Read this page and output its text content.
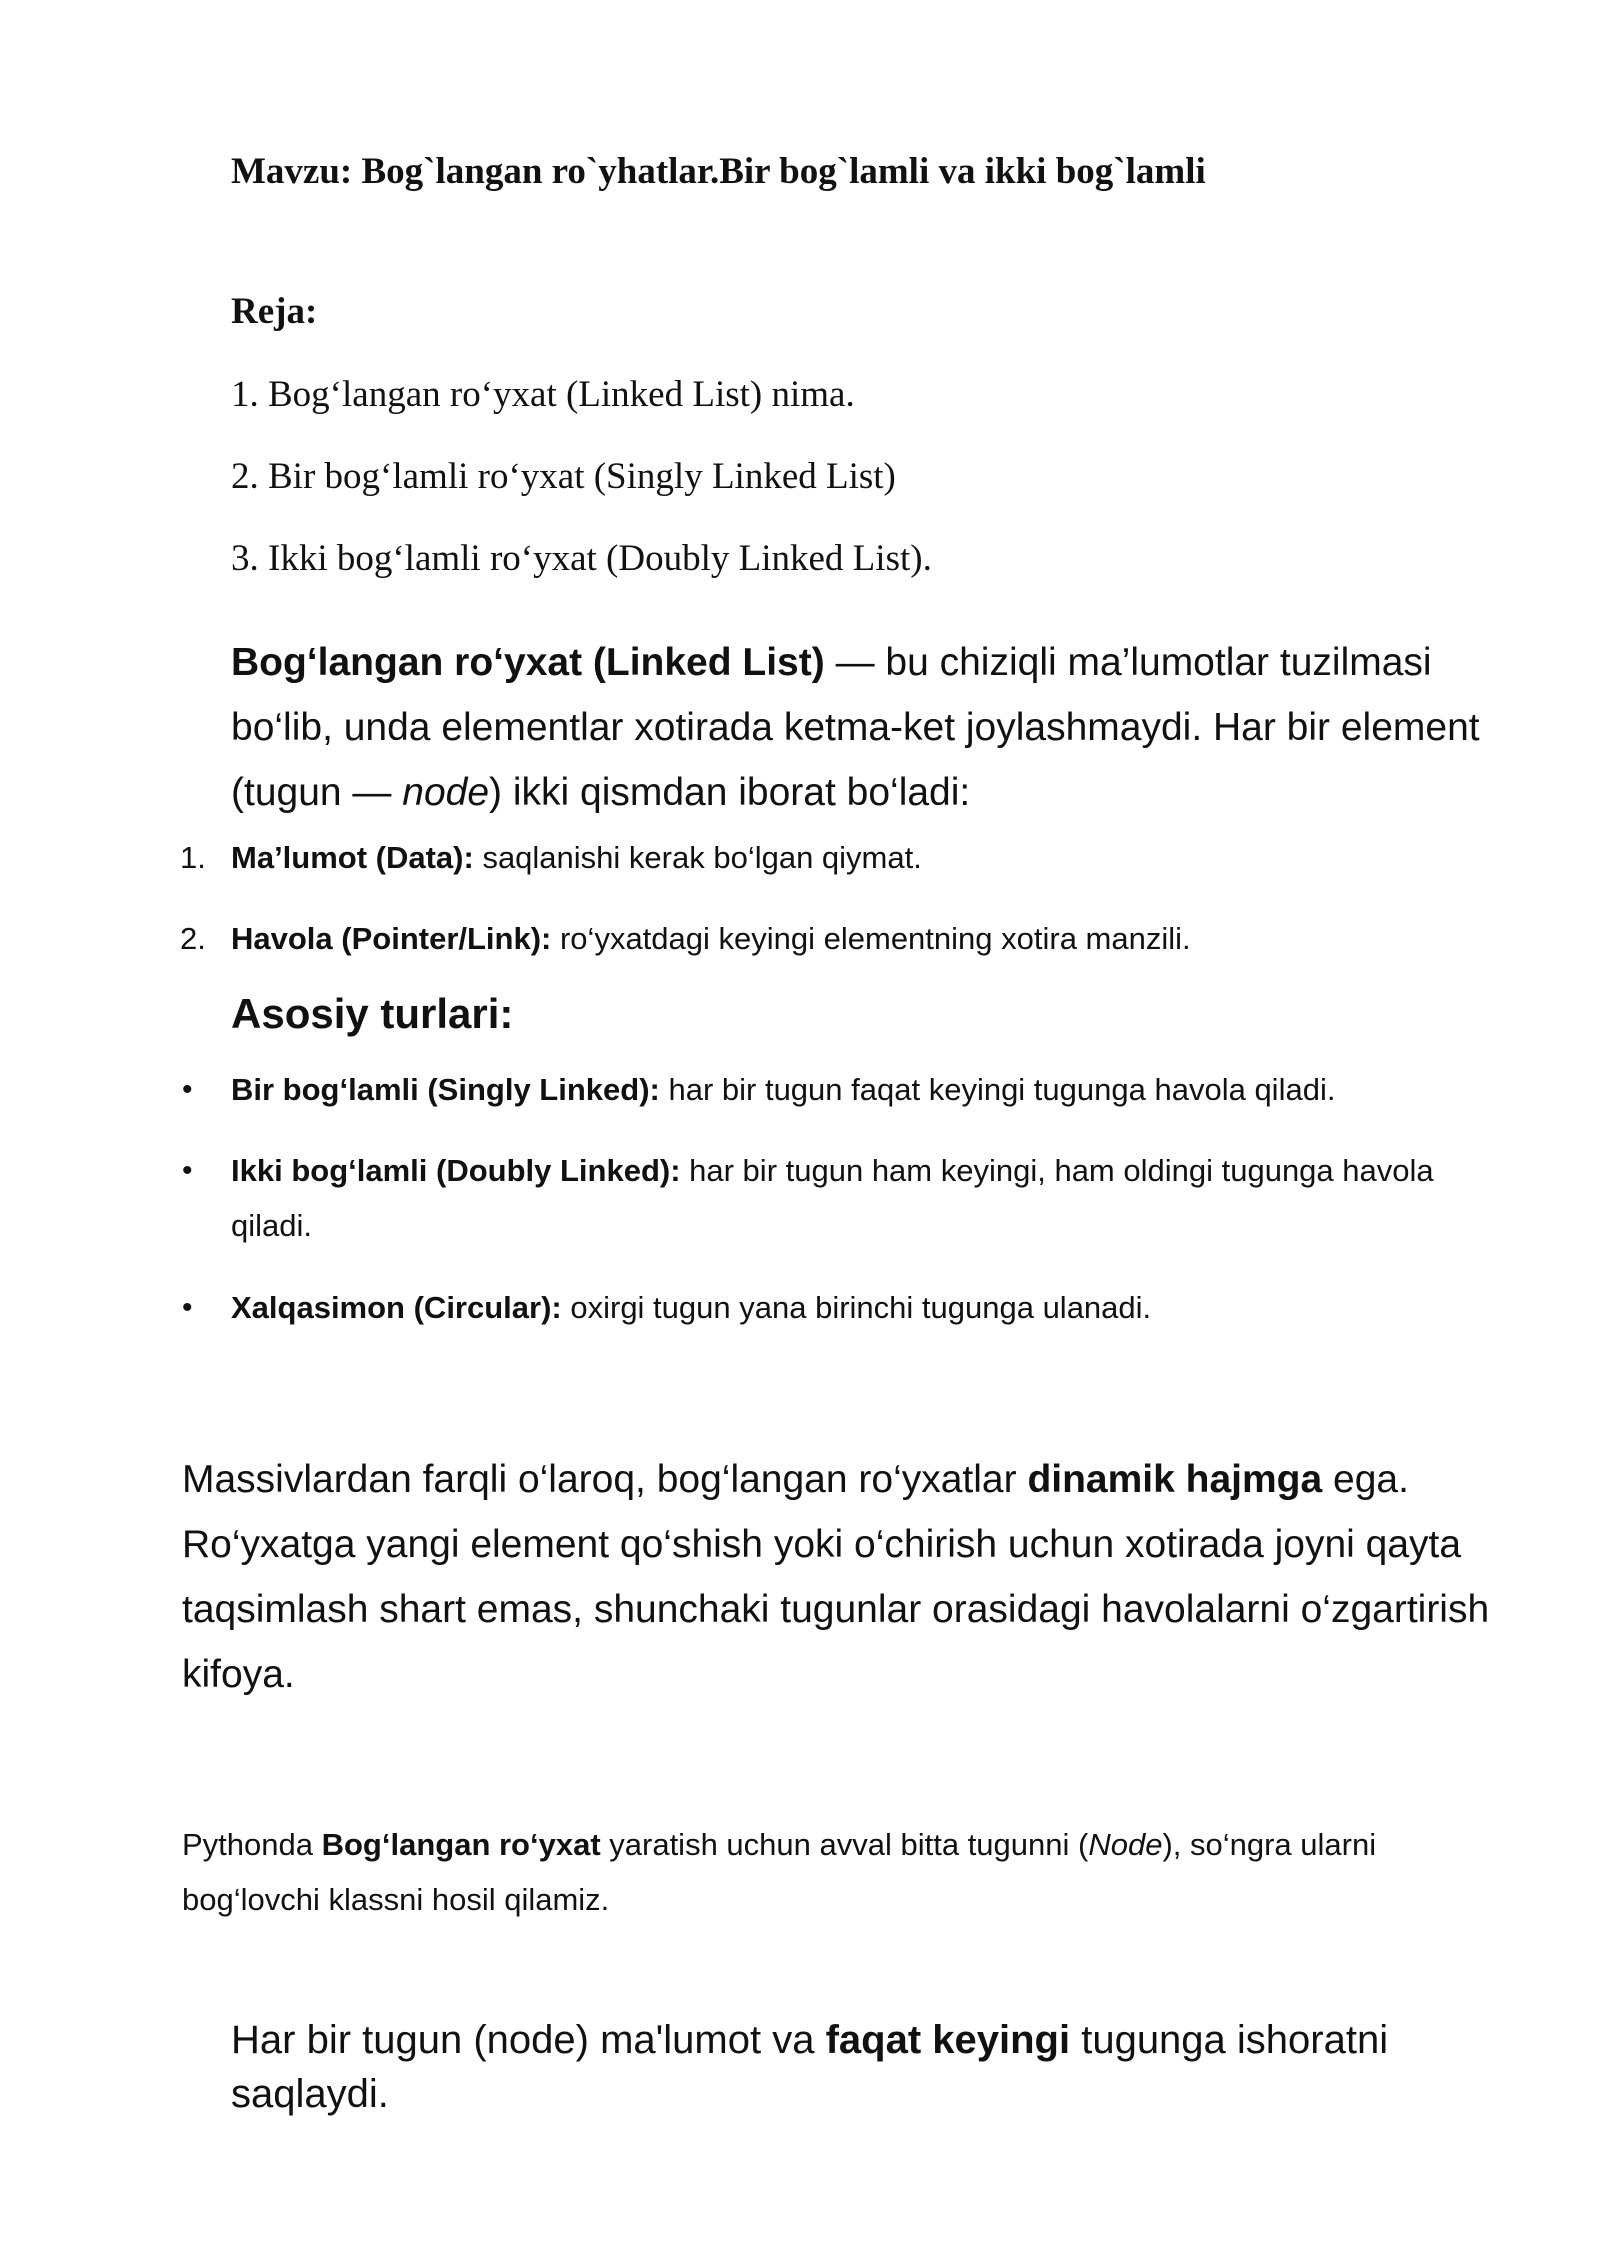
Mavzu: Bog`langan ro`yhatlar.Bir bog`lamli va ikki bog`lamli
Reja:
1. Bog‘langan ro‘yxat (Linked List) nima.
2. Bir bog‘lamli ro‘yxat (Singly Linked List)
3. Ikki bog‘lamli ro‘yxat (Doubly Linked List).

Bog‘langan ro‘yxat (Linked List) — bu chiziqli ma’lumotlar tuzilmasi bo‘lib, unda elementlar xotirada ketma-ket joylashmaydi. Har bir element (tugun — node) ikki qismdan iborat bo‘ladi:

1. Ma’lumot (Data): saqlanishi kerak bo‘lgan qiymat.
2. Havola (Pointer/Link): ro‘yxatdagi keyingi elementning xotira manzili.
Asosiy turlari:
• Bir bog‘lamli (Singly Linked): har bir tugun faqat keyingi tugunga havola qiladi.
• Ikki bog‘lamli (Doubly Linked): har bir tugun ham keyingi, ham oldingi tugunga havola qiladi.
• Xalqasimon (Circular): oxirgi tugun yana birinchi tugunga ulanadi.

Massivlardan farqli o‘laroq, bog‘langan ro‘yxatlar dinamik hajmga ega. Ro‘yxatga yangi element qo‘shish yoki o‘chirish uchun xotirada joyni qayta taqsimlash shart emas, shunchaki tugunlar orasidagi havolalarni o‘zgartirish kifoya.

Pythonda Bog‘langan ro‘yxat yaratish uchun avval bitta tugunni (Node), so‘ngra ularni bog‘lovchi klassni hosil qilamiz.

Har bir tugun (node) ma'lumot va faqat keyingi tugunga ishoratni saqlaydi.
